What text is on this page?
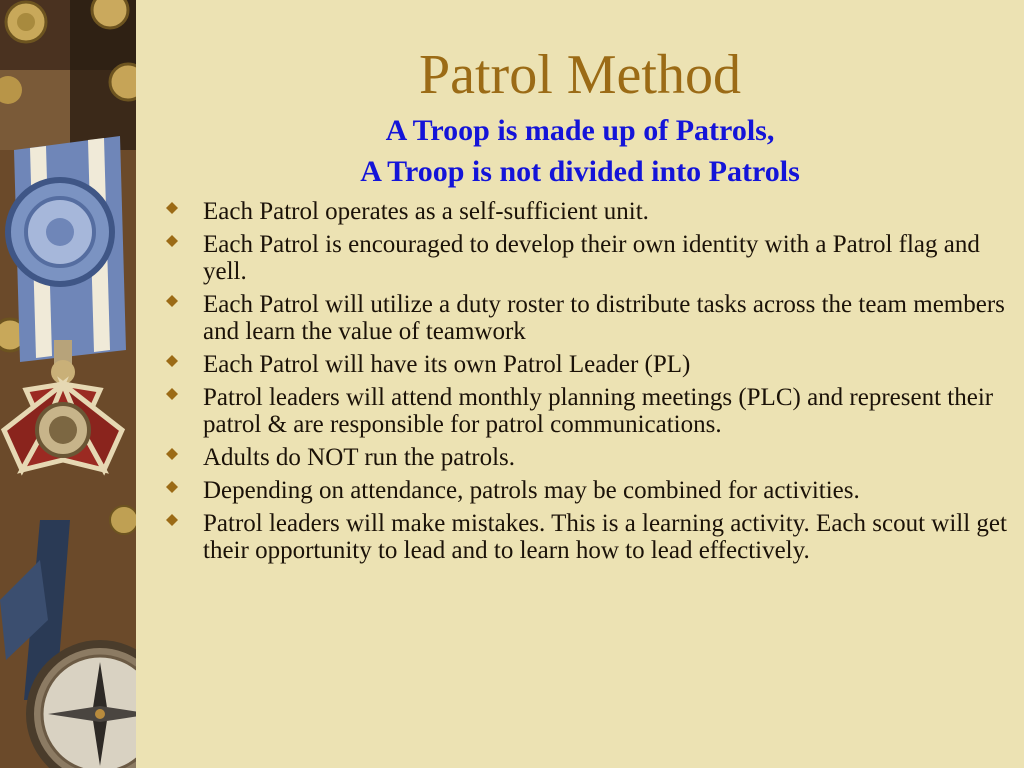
Patrol Method

A Troop is made up of Patrols,

A Troop is not divided into Patrols

Each Patrol operates as a self-sufficient unit.
Each Patrol is encouraged to develop their own identity with a Patrol flag and yell.
Each Patrol will utilize a duty roster to distribute tasks across the team members and learn the value of teamwork
Each Patrol will have its own Patrol Leader (PL)
Patrol leaders will attend monthly planning meetings (PLC) and represent their patrol & are responsible for patrol communications.
Adults do NOT run the patrols.
Depending on attendance, patrols may be combined for activities.
Patrol leaders will make mistakes. This is a learning activity. Each scout will get their opportunity to lead and to learn how to lead effectively.
